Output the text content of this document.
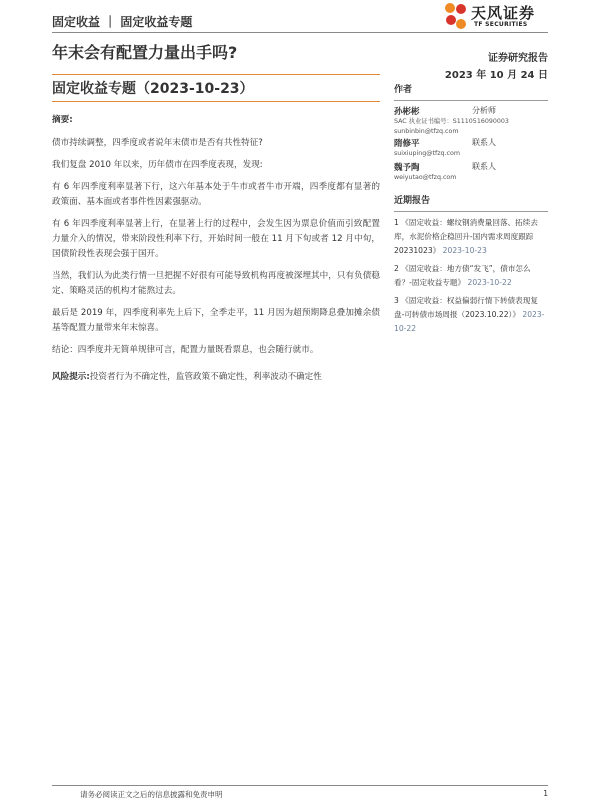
固定收益 ｜ 固定收益专题	天风证券
TF SECURITIES
年末会有配置力量出手吗?	证券研究报告
2023 年 10 月 24 日
固定收益专题（2023-10-23）

摘要:

债市持续调整，四季度或者说年末债市是否有共性特征?

我们复盘 2010 年以来，历年债市在四季度表现，发现:

有 6 年四季度利率显著下行，这六年基本处于牛市或者牛市开端，四季度都有显著的政策面、基本面或者事件性因素强驱动。

有 6 年四季度利率显著上行，在显著上行的过程中，会发生因为票息价值而引致配置力量介入的情况，带来阶段性利率下行，开始时间一般在 11 月下旬或者 12 月中旬，国债阶段性表现会强于国开。

当然，我们认为此类行情一旦把握不好很有可能导致机构再度被深埋其中，只有负债稳定、策略灵活的机构才能熬过去。

最后是 2019 年，四季度利率先上后下，全季走平，11 月因为超预期降息叠加摊余债基等配置力量带来年末惊喜。

结论：四季度并无简单规律可言，配置力量既看票息，也会随行就市。

风险提示:投资者行为不确定性，监管政策不确定性，利率波动不确定性

作者
孙彬彬	分析师
SAC 执业证书编号：S1110516090003
sunbinbin@tfzq.com
隋修平	联系人
suixiuping@tfzq.com
魏予陶	联系人
weiyutao@tfzq.com
近期报告
1 《固定收益：螺纹钢消费量回落、拓续去库，水泥价格企稳回升-国内需求周度跟踪 20231023》 2023-10-23
2 《固定收益：地方债“发飞”，债市怎么看？-固定收益专题》 2023-10-22
3 《固定收益：权益偏弱行情下转债表现复盘-可转债市场周报（2023.10.22）》 2023-10-22
请务必阅读正文之后的信息披露和免责申明	1
